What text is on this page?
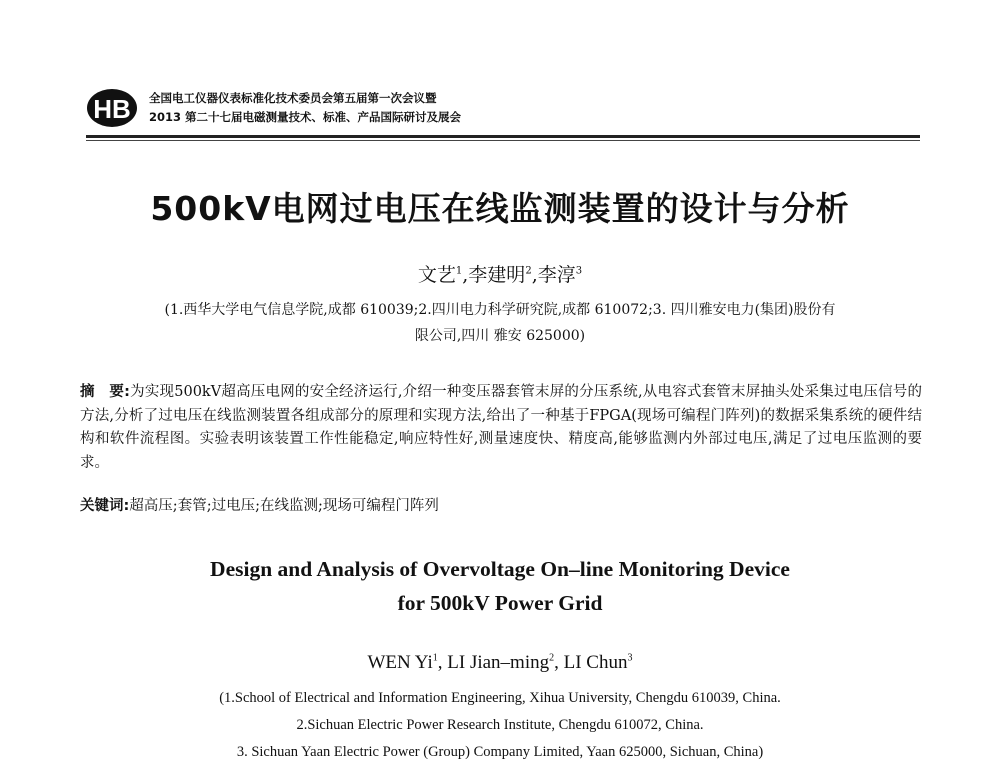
HB 全国电工仪器仪表标准化技术委员会第五届第一次会议暨
2013 第二十七届电磁测量技术、标准、产品国际研讨及展会
500kV电网过电压在线监测装置的设计与分析
文艺$^1$,李建明$^2$,李淳$^3$
(1.西华大学电气信息学院,成都 610039;2.四川电力科学研究院,成都 610072;3. 四川雅安电力(集团)股份有
限公司,四川 雅安 625000)
摘　要:为实现500kV超高压电网的安全经济运行,介绍一种变压器套管末屏的分压系统,从电容式套管末屏抽头处采集过电压信号的方法,分析了过电压在线监测装置各组成部分的原理和实现方法,给出了一种基于FPGA(现场可编程门阵列)的数据采集系统的硬件结构和软件流程图。实验表明该装置工作性能稳定,响应特性好,测量速度快、精度高,能够监测内外部过电压,满足了过电压监测的要求。
关键词:超高压;套管;过电压;在线监测;现场可编程门阵列
Design and Analysis of Overvoltage On–line Monitoring Device
for 500kV Power Grid
WEN Yi$^1$, LI Jian–ming$^2$, LI Chun$^3$
(1.School of Electrical and Information Engineering, Xihua University, Chengdu 610039, China.
2.Sichuan Electric Power Research Institute, Chengdu 610072, China.
3. Sichuan Yaan Electric Power (Group) Company Limited, Yaan 625000, Sichuan, China)
